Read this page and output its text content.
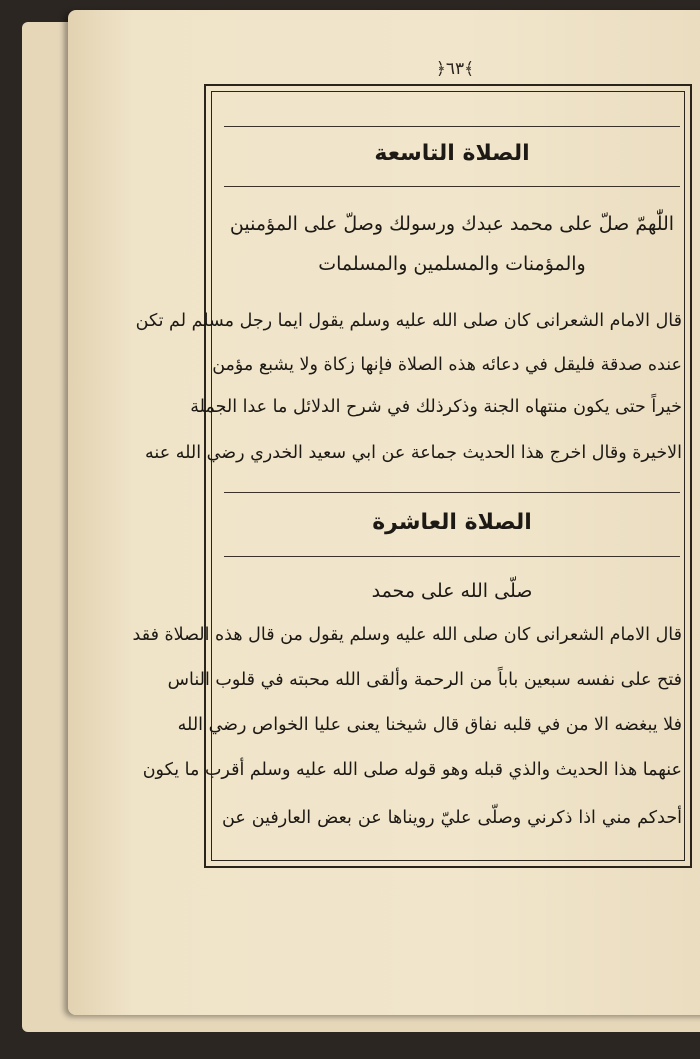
﴿٦٣﴾
الصلاة التاسعة
اللّٰهمّ صلّ على محمد عبدك ورسولك وصلّ على المؤمنين
والمؤمنات والمسلمين والمسلمات
قال الامام الشعرانى كان صلى الله عليه وسلم يقول ايما رجل مسلم لم تكن
عنده صدقة فليقل في دعائه هذه الصلاة فإنها زكاة ولا يشبع مؤمن
خيراً حتى يكون منتهاه الجنة وذكرذلك في شرح الدلائل ما عدا الجملة
الاخيرة وقال اخرج هذا الحديث جماعة عن ابي سعيد الخدري رضي الله عنه
الصلاة العاشرة
صلّى الله على محمد
قال الامام الشعرانى كان صلى الله عليه وسلم يقول من قال هذه الصلاة فقد
فتح على نفسه سبعين باباً من الرحمة وألقى الله محبته في قلوب الناس
فلا يبغضه الا من في قلبه نفاق قال شيخنا يعنى عليا الخواص رضي الله
عنهما هذا الحديث والذي قبله وهو قوله صلى الله عليه وسلم أقرب ما يكون
أحدكم مني اذا ذكرني وصلّى عليّ رويناها عن بعض العارفين عن
